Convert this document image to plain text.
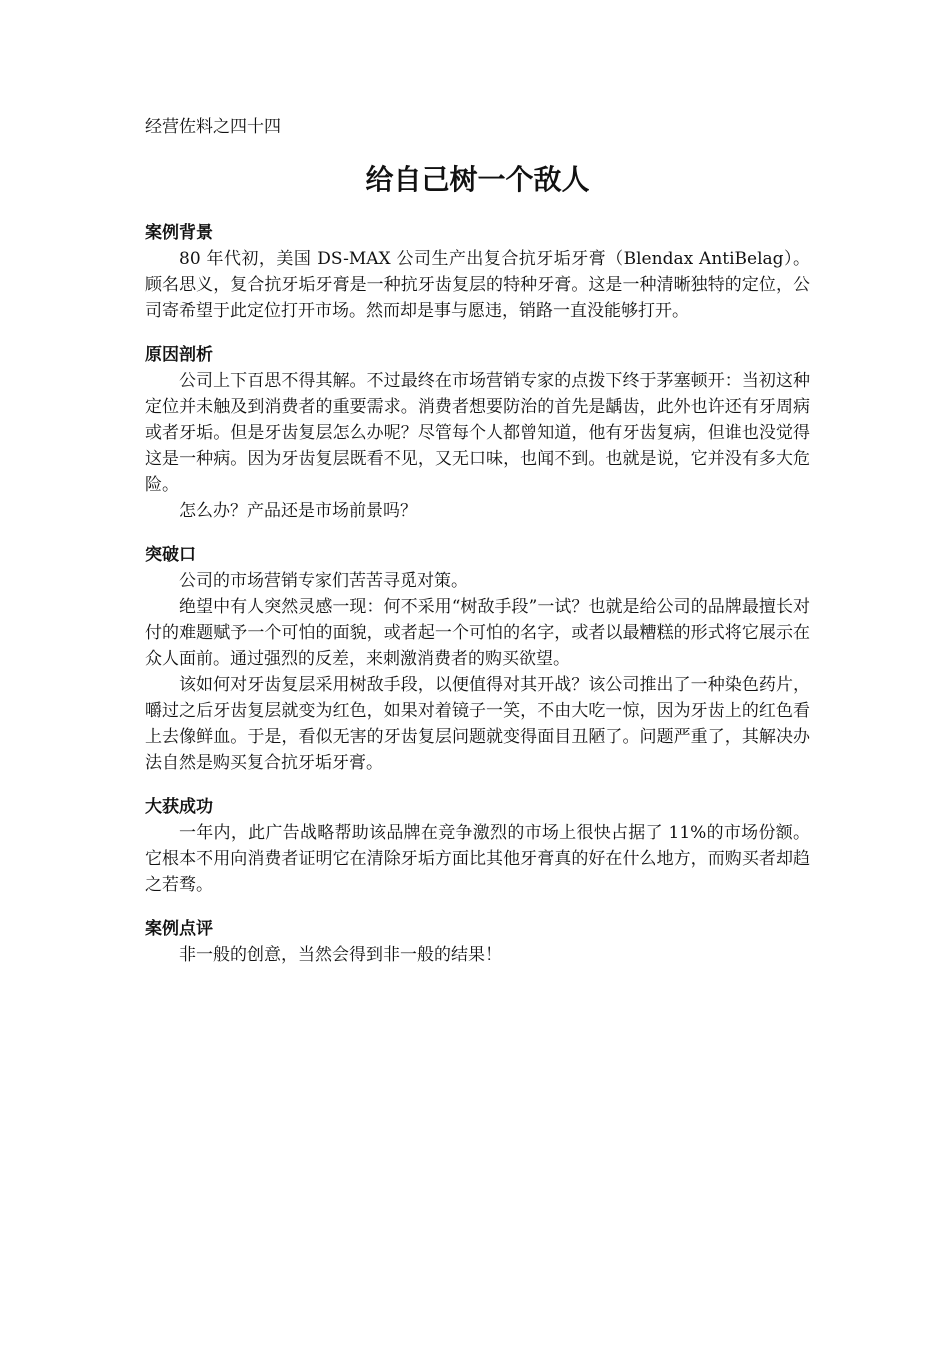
经营佐料之四十四

给自己树一个敌人
案例背景

80 年代初，美国 DS-MAX 公司生产出复合抗牙垢牙膏（Blendax AntiBelag）。顾名思义，复合抗牙垢牙膏是一种抗牙齿复层的特种牙膏。这是一种清晰独特的定位，公司寄希望于此定位打开市场。然而却是事与愿违，销路一直没能够打开。

原因剖析

公司上下百思不得其解。不过最终在市场营销专家的点拨下终于茅塞顿开：当初这种定位并未触及到消费者的重要需求。消费者想要防治的首先是龋齿，此外也许还有牙周病或者牙垢。但是牙齿复层怎么办呢？尽管每个人都曾知道，他有牙齿复病，但谁也没觉得这是一种病。因为牙齿复层既看不见，又无口味，也闻不到。也就是说，它并没有多大危险。

怎么办？产品还是市场前景吗？

突破口

公司的市场营销专家们苦苦寻觅对策。

绝望中有人突然灵感一现：何不采用“树敌手段”一试？也就是给公司的品牌最擅长对付的难题赋予一个可怕的面貌，或者起一个可怕的名字，或者以最糟糕的形式将它展示在众人面前。通过强烈的反差，来刺激消费者的购买欲望。

该如何对牙齿复层采用树敌手段，以便值得对其开战？该公司推出了一种染色药片，嚼过之后牙齿复层就变为红色，如果对着镜子一笑，不由大吃一惊，因为牙齿上的红色看上去像鲜血。于是，看似无害的牙齿复层问题就变得面目丑陋了。问题严重了，其解决办法自然是购买复合抗牙垢牙膏。

大获成功

一年内，此广告战略帮助该品牌在竞争激烈的市场上很快占据了 11%的市场份额。它根本不用向消费者证明它在清除牙垢方面比其他牙膏真的好在什么地方，而购买者却趋之若骛。

案例点评

非一般的创意，当然会得到非一般的结果！
